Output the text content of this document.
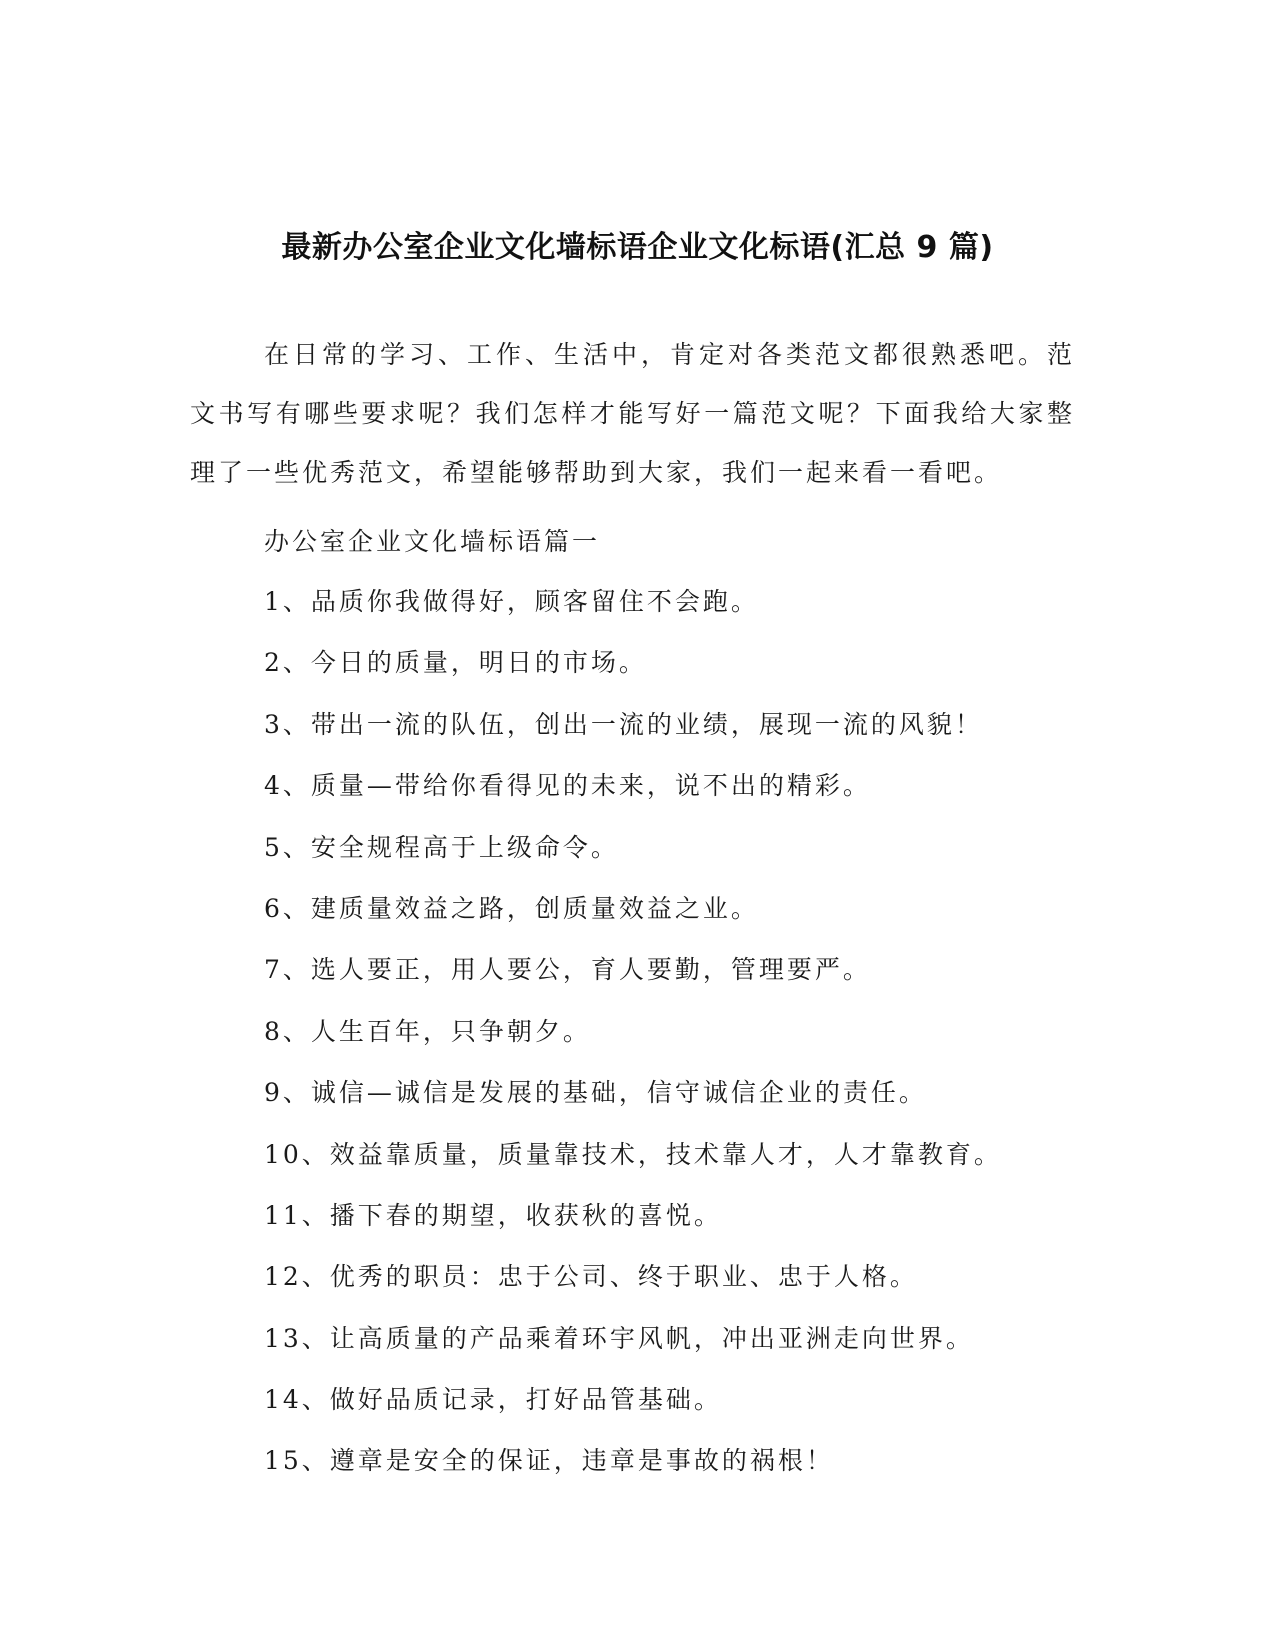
最新办公室企业文化墙标语企业文化标语(汇总 9 篇)

在日常的学习、工作、生活中，肯定对各类范文都很熟悉吧。范文书写有哪些要求呢？我们怎样才能写好一篇范文呢？下面我给大家整理了一些优秀范文，希望能够帮助到大家，我们一起来看一看吧。

办公室企业文化墙标语篇一

1、品质你我做得好，顾客留住不会跑。
2、今日的质量，明日的市场。
3、带出一流的队伍，创出一流的业绩，展现一流的风貌！
4、质量—带给你看得见的未来，说不出的精彩。
5、安全规程高于上级命令。
6、建质量效益之路，创质量效益之业。
7、选人要正，用人要公，育人要勤，管理要严。
8、人生百年，只争朝夕。
9、诚信—诚信是发展的基础，信守诚信企业的责任。
10、效益靠质量，质量靠技术，技术靠人才，人才靠教育。
11、播下春的期望，收获秋的喜悦。
12、优秀的职员：忠于公司、终于职业、忠于人格。
13、让高质量的产品乘着环宇风帆，冲出亚洲走向世界。
14、做好品质记录，打好品管基础。
15、遵章是安全的保证，违章是事故的祸根！
